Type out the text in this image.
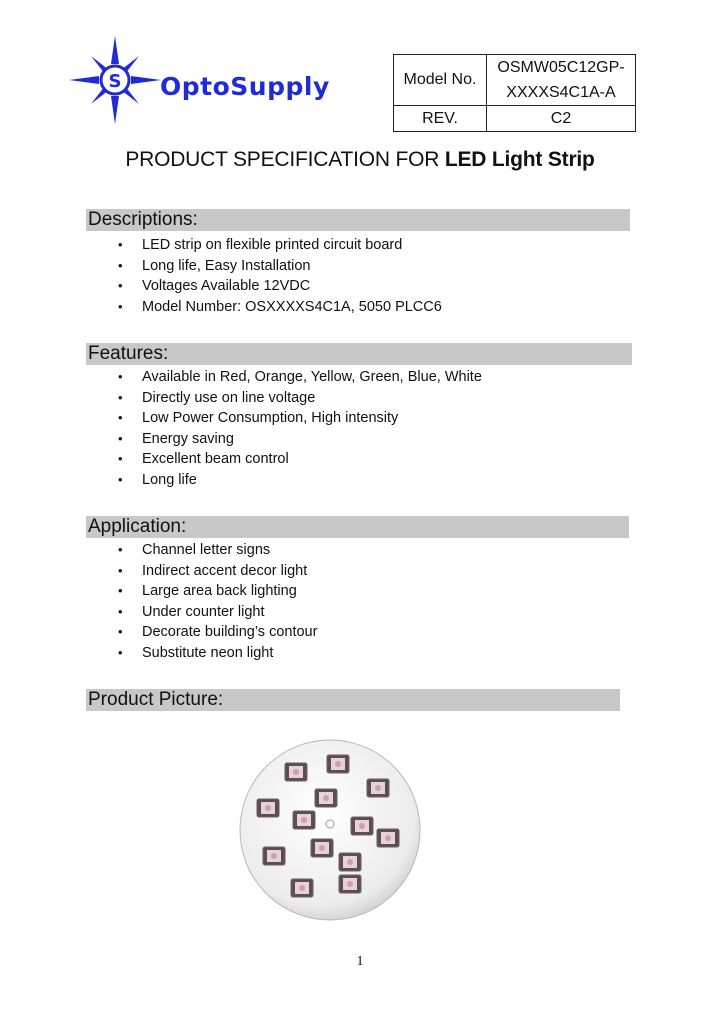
S OptoSupply	Model No.	OSMW05C12GP-
XXXXS4C1A-A

REV.	C2
PRODUCT SPECIFICATION FOR LED Light Strip
Descriptions:
• LED strip on flexible printed circuit board
• Long life, Easy Installation
• Voltages Available 12VDC
• Model Number: OSXXXXS4C1A, 5050 PLCC6
Features:
• Available in Red, Orange, Yellow, Green, Blue, White
• Directly use on line voltage
• Low Power Consumption, High intensity
• Energy saving
• Excellent beam control
• Long life
Application:
• Channel letter signs
• Indirect accent decor light
• Large area back lighting
• Under counter light
• Decorate building’s contour
• Substitute neon light
Product Picture:
1
